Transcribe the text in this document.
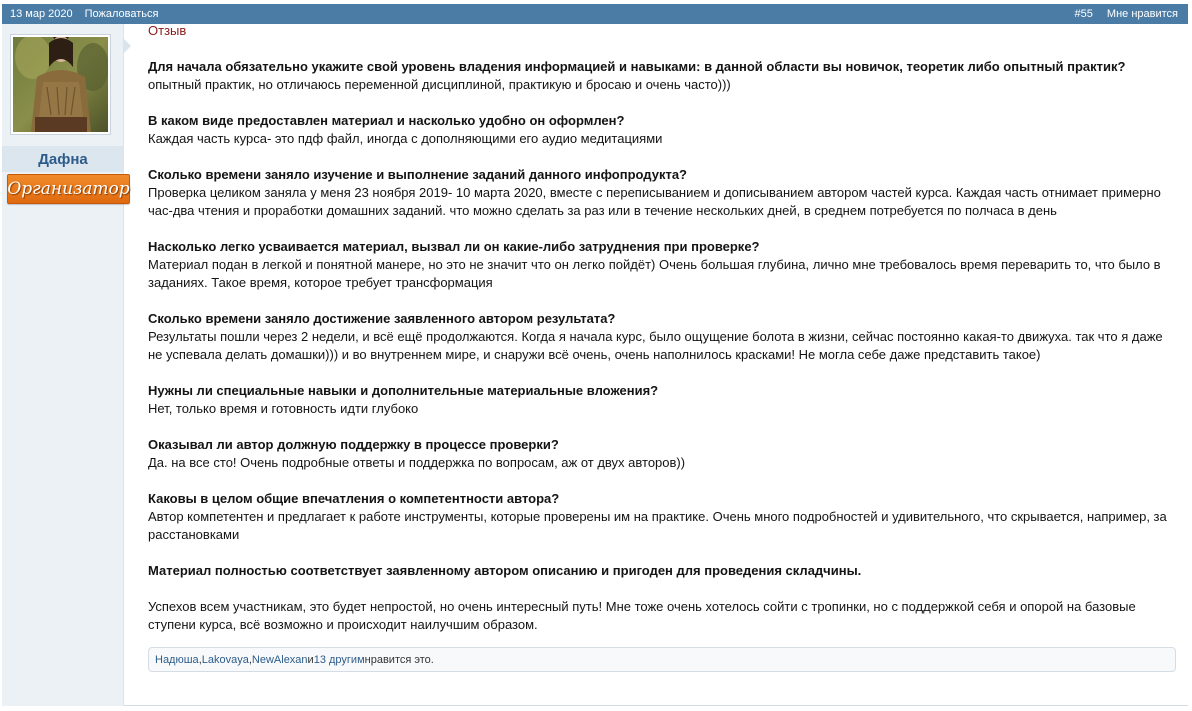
13 мар 2020 Пожаловаться	#55 Мне нравится
Дафна
Организатор
Отзыв
Для начала обязательно укажите свой уровень владения информацией и навыками: в данной области вы новичок, теоретик либо опытный практик?
опытный практик, но отличаюсь переменной дисциплиной, практикую и бросаю и очень часто)))
В каком виде предоставлен материал и насколько удобно он оформлен?
Каждая часть курса- это пдф файл, иногда с дополняющими его аудио медитациями
Сколько времени заняло изучение и выполнение заданий данного инфопродукта?
Проверка целиком заняла у меня 23 ноября 2019- 10 марта 2020, вместе с переписыванием и дописыванием автором частей курса. Каждая часть отнимает примерно час-два чтения и проработки домашних заданий. что можно сделать за раз или в течение нескольких дней, в среднем потребуется по полчаса в день
Насколько легко усваивается материал, вызвал ли он какие-либо затруднения при проверке?
Материал подан в легкой и понятной манере, но это не значит что он легко пойдёт) Очень большая глубина, лично мне требовалось время переварить то, что было в заданиях. Такое время, которое требует трансформация
Сколько времени заняло достижение заявленного автором результата?
Результаты пошли через 2 недели, и всё ещё продолжаются. Когда я начала курс, было ощущение болота в жизни, сейчас постоянно какая-то движуха. так что я даже не успевала делать домашки))) и во внутреннем мире, и снаружи всё очень, очень наполнилось красками! Не могла себе даже представить такое)
Нужны ли специальные навыки и дополнительные материальные вложения?
Нет, только время и готовность идти глубоко
Оказывал ли автор должную поддержку в процессе проверки?
Да. на все сто! Очень подробные ответы и поддержка по вопросам, аж от двух авторов))
Каковы в целом общие впечатления о компетентности автора?
Автор компетентен и предлагает к работе инструменты, которые проверены им на практике. Очень много подробностей и удивительного, что скрывается, например, за расстановками
Материал полностью соответствует заявленному автором описанию и пригоден для проведения складчины.
Успехов всем участникам, это будет непростой, но очень интересный путь! Мне тоже очень хотелось сойти с тропинки, но с поддержкой себя и опорой на базовые ступени курса, всё возможно и происходит наилучшим образом.
Надюша , Lakovaya , NewAlexan и 13 другим нравится это.
